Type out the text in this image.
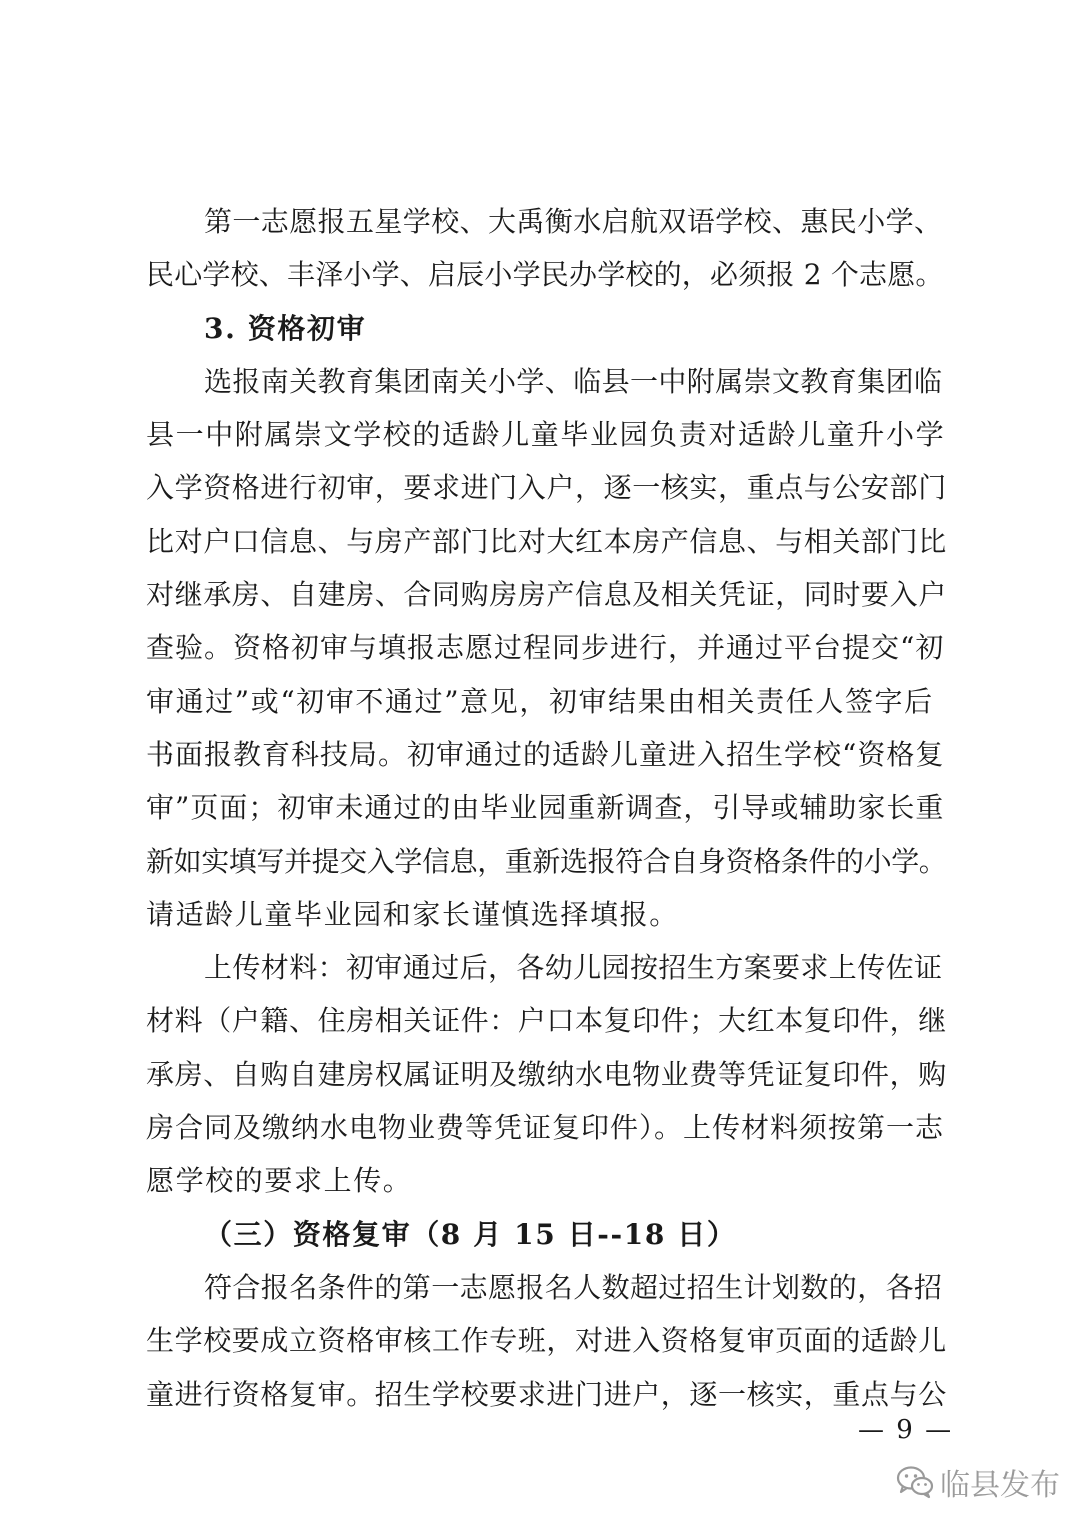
第一志愿报五星学校、大禹衡水启航双语学校、惠民小学、
民心学校、丰泽小学、启辰小学民办学校的，必须报 2 个志愿。
3. 资格初审
选报南关教育集团南关小学、临县一中附属崇文教育集团临
县一中附属崇文学校的适龄儿童毕业园负责对适龄儿童升小学
入学资格进行初审，要求进门入户，逐一核实，重点与公安部门
比对户口信息、与房产部门比对大红本房产信息、与相关部门比
对继承房、自建房、合同购房房产信息及相关凭证，同时要入户
查验。资格初审与填报志愿过程同步进行，并通过平台提交“初
审通过”或“初审不通过”意见，初审结果由相关责任人签字后
书面报教育科技局。初审通过的适龄儿童进入招生学校“资格复
审”页面；初审未通过的由毕业园重新调查，引导或辅助家长重
新如实填写并提交入学信息，重新选报符合自身资格条件的小学。
请适龄儿童毕业园和家长谨慎选择填报。
上传材料：初审通过后，各幼儿园按招生方案要求上传佐证
材料（户籍、住房相关证件：户口本复印件；大红本复印件，继
承房、自购自建房权属证明及缴纳水电物业费等凭证复印件，购
房合同及缴纳水电物业费等凭证复印件）。上传材料须按第一志
愿学校的要求上传。
（三）资格复审（8 月 15 日--18 日）
符合报名条件的第一志愿报名人数超过招生计划数的，各招
生学校要成立资格审核工作专班，对进入资格复审页面的适龄儿
童进行资格复审。招生学校要求进门进户，逐一核实，重点与公
— 9 —
临县发布
